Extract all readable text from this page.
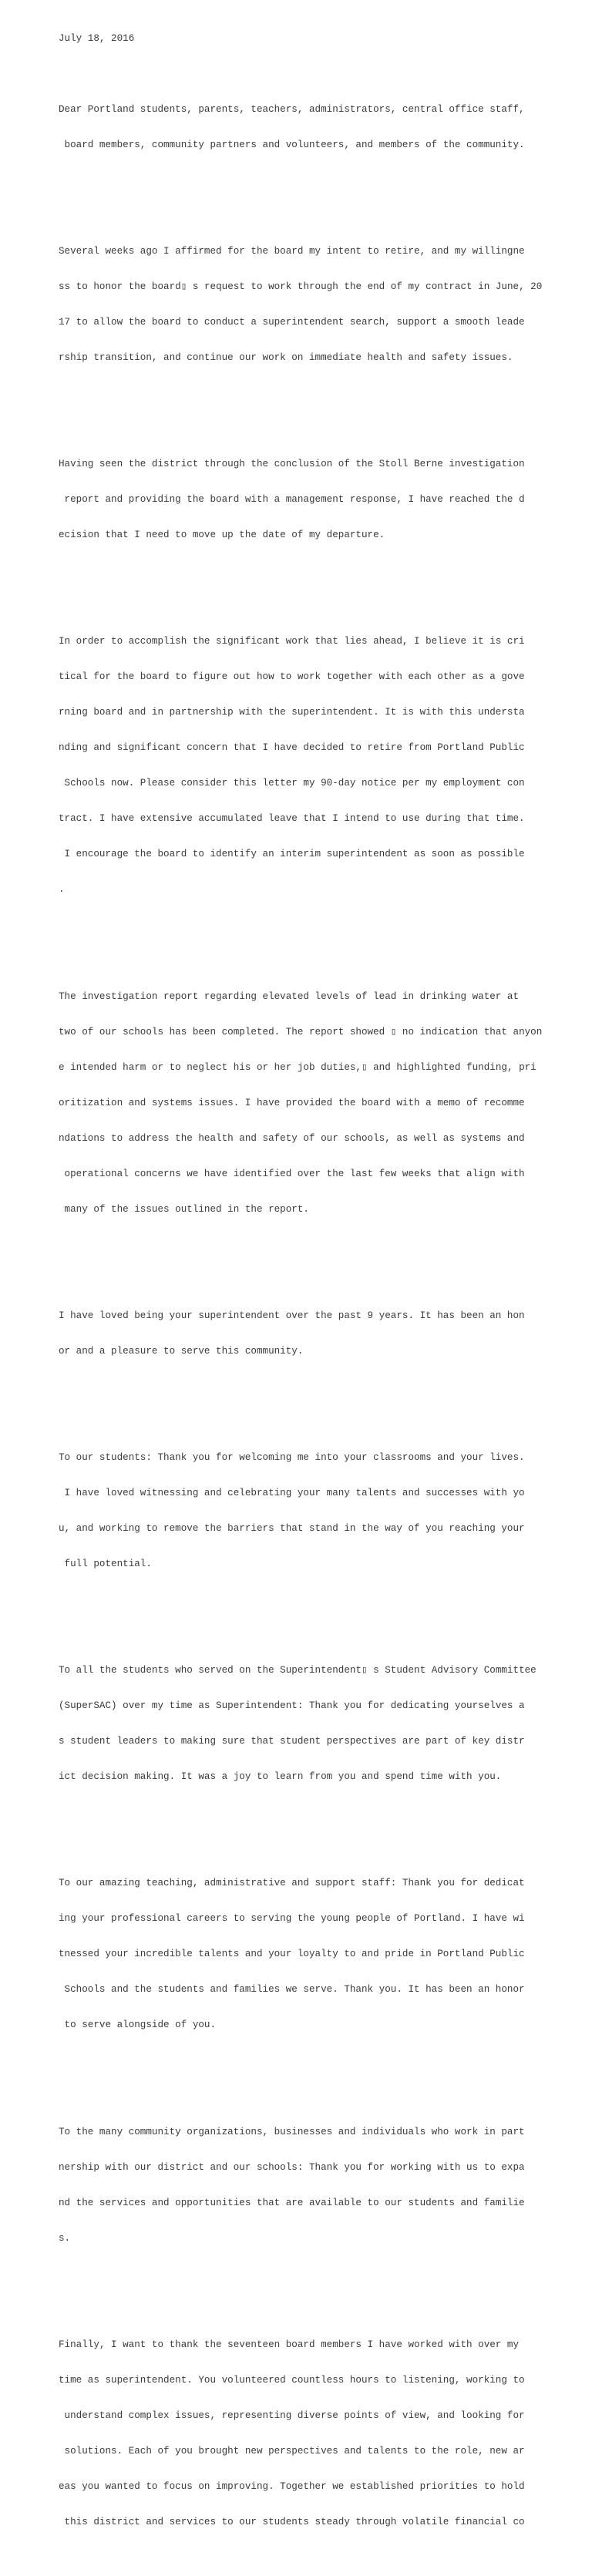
July 18, 2016

Dear Portland students, parents, teachers, administrators, central office staff,

board members, community partners and volunteers, and members of the community.

Several weeks ago I affirmed for the board my intent to retire, and my willingne

ss to honor the board▯ s request to work through the end of my contract in June, 20

17 to allow the board to conduct a superintendent search, support a smooth leade

rship transition, and continue our work on immediate health and safety issues.

Having seen the district through the conclusion of the Stoll Berne investigation

report and providing the board with a management response, I have reached the d

ecision that I need to move up the date of my departure.

In order to accomplish the significant work that lies ahead, I believe it is cri

tical for the board to figure out how to work together with each other as a gove

rning board and in partnership with the superintendent. It is with this understa

nding and significant concern that I have decided to retire from Portland Public

Schools now. Please consider this letter my 90-day notice per my employment con

tract. I have extensive accumulated leave that I intend to use during that time.

I encourage the board to identify an interim superintendent as soon as possible

.

The investigation report regarding elevated levels of lead in drinking water at

two of our schools has been completed. The report showed ▯ no indication that anyon

e intended harm or to neglect his or her job duties,▯ and highlighted funding, pri

oritization and systems issues. I have provided the board with a memo of recomme

ndations to address the health and safety of our schools, as well as systems and

operational concerns we have identified over the last few weeks that align with

many of the issues outlined in the report.

I have loved being your superintendent over the past 9 years. It has been an hon

or and a pleasure to serve this community.

To our students: Thank you for welcoming me into your classrooms and your lives.

I have loved witnessing and celebrating your many talents and successes with yo

u, and working to remove the barriers that stand in the way of you reaching your

full potential.

To all the students who served on the Superintendent▯ s Student Advisory Committee

(SuperSAC) over my time as Superintendent: Thank you for dedicating yourselves a

s student leaders to making sure that student perspectives are part of key distr

ict decision making. It was a joy to learn from you and spend time with you.

To our amazing teaching, administrative and support staff: Thank you for dedicat

ing your professional careers to serving the young people of Portland. I have wi

tnessed your incredible talents and your loyalty to and pride in Portland Public

Schools and the students and families we serve. Thank you. It has been an honor

to serve alongside of you.

To the many community organizations, businesses and individuals who work in part

nership with our district and our schools: Thank you for working with us to expa

nd the services and opportunities that are available to our students and familie

s.

Finally, I want to thank the seventeen board members I have worked with over my

time as superintendent. You volunteered countless hours to listening, working to

understand complex issues, representing diverse points of view, and looking for

solutions. Each of you brought new perspectives and talents to the role, new ar

eas you wanted to focus on improving. Together we established priorities to hold

this district and services to our students steady through volatile financial co
